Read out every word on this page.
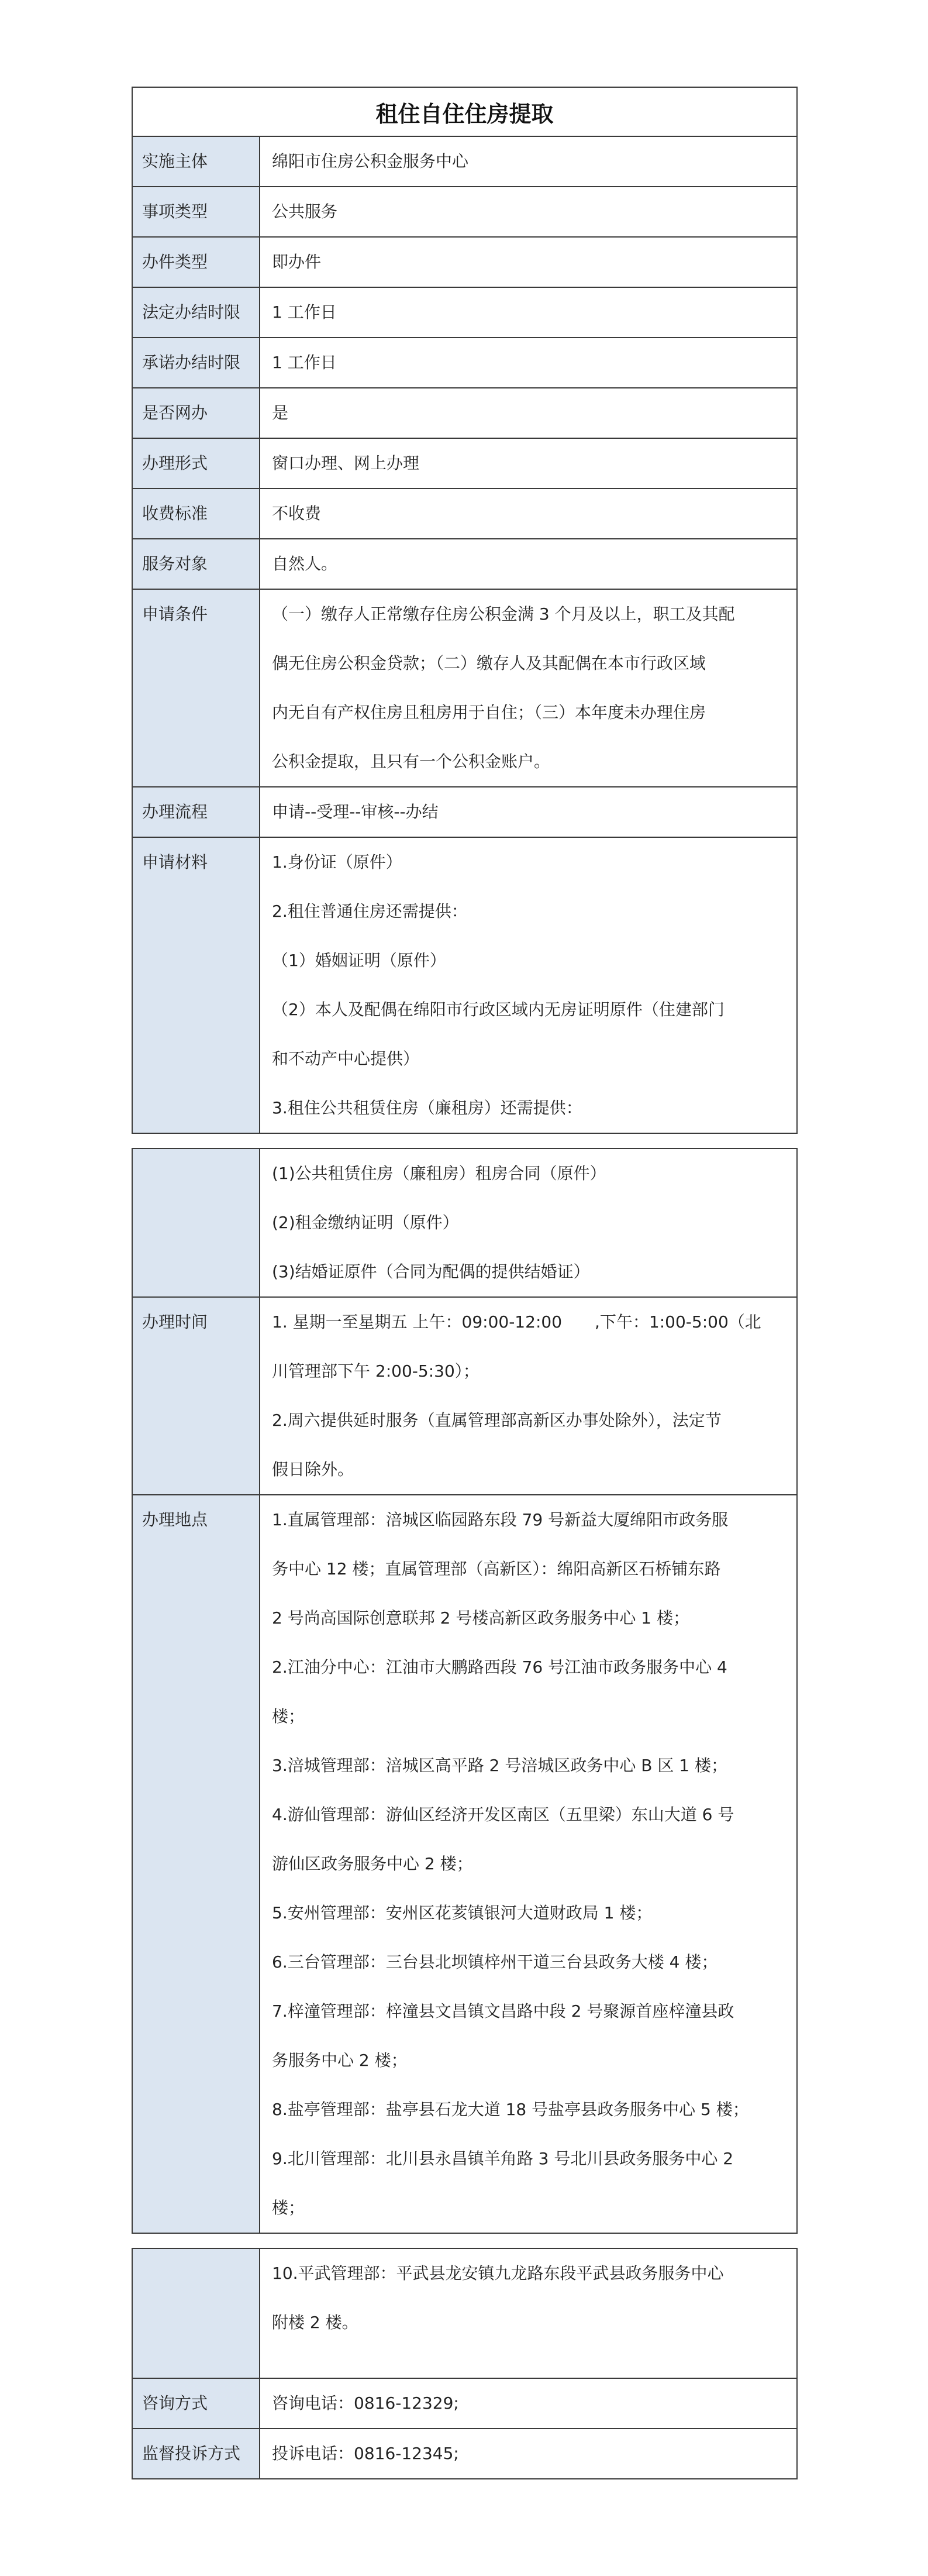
租住自住住房提取
实施主体	绵阳市住房公积金服务中心
事项类型	公共服务
办件类型	即办件
法定办结时限	1 工作日
承诺办结时限	1 工作日
是否网办	是
办理形式	窗口办理、网上办理
收费标准	不收费
服务对象	自然人。
申请条件	（一）缴存人正常缴存住房公积金满 3 个月及以上，职工及其配

偶无住房公积金贷款；（二）缴存人及其配偶在本市行政区域

内无自有产权住房且租房用于自住；（三）本年度未办理住房

公积金提取，且只有一个公积金账户。

办理流程	申请--受理--审核--办结
申请材料	1.身份证（原件）

2.租住普通住房还需提供：

（1）婚姻证明（原件）

（2）本人及配偶在绵阳市行政区域内无房证明原件（住建部门

和不动产中心提供）

3.租住公共租赁住房（廉租房）还需提供：

(1)公共租赁住房（廉租房）租房合同（原件）

(2)租金缴纳证明（原件）

(3)结婚证原件（合同为配偶的提供结婚证）

办理时间	1. 星期一至星期五 上午：09:00-12:00　　,下午：1:00-5:00（北

川管理部下午 2:00-5:30）；

2.周六提供延时服务（直属管理部高新区办事处除外），法定节

假日除外。

办理地点	1.直属管理部：涪城区临园路东段 79 号新益大厦绵阳市政务服

务中心 12 楼；直属管理部（高新区）：绵阳高新区石桥铺东路

2 号尚高国际创意联邦 2 号楼高新区政务服务中心 1 楼；

2.江油分中心：江油市大鹏路西段 76 号江油市政务服务中心 4

楼；

3.涪城管理部：涪城区高平路 2 号涪城区政务中心 B 区 1 楼；

4.游仙管理部：游仙区经济开发区南区（五里梁）东山大道 6 号

游仙区政务服务中心 2 楼；

5.安州管理部：安州区花荄镇银河大道财政局 1 楼；

6.三台管理部：三台县北坝镇梓州干道三台县政务大楼 4 楼；

7.梓潼管理部：梓潼县文昌镇文昌路中段 2 号聚源首座梓潼县政

务服务中心 2 楼；

8.盐亭管理部：盐亭县石龙大道 18 号盐亭县政务服务中心 5 楼；

9.北川管理部：北川县永昌镇羊角路 3 号北川县政务服务中心 2

楼；

10.平武管理部：平武县龙安镇九龙路东段平武县政务服务中心

附楼 2 楼。

咨询方式	咨询电话：0816-12329;
监督投诉方式	投诉电话：0816-12345;
